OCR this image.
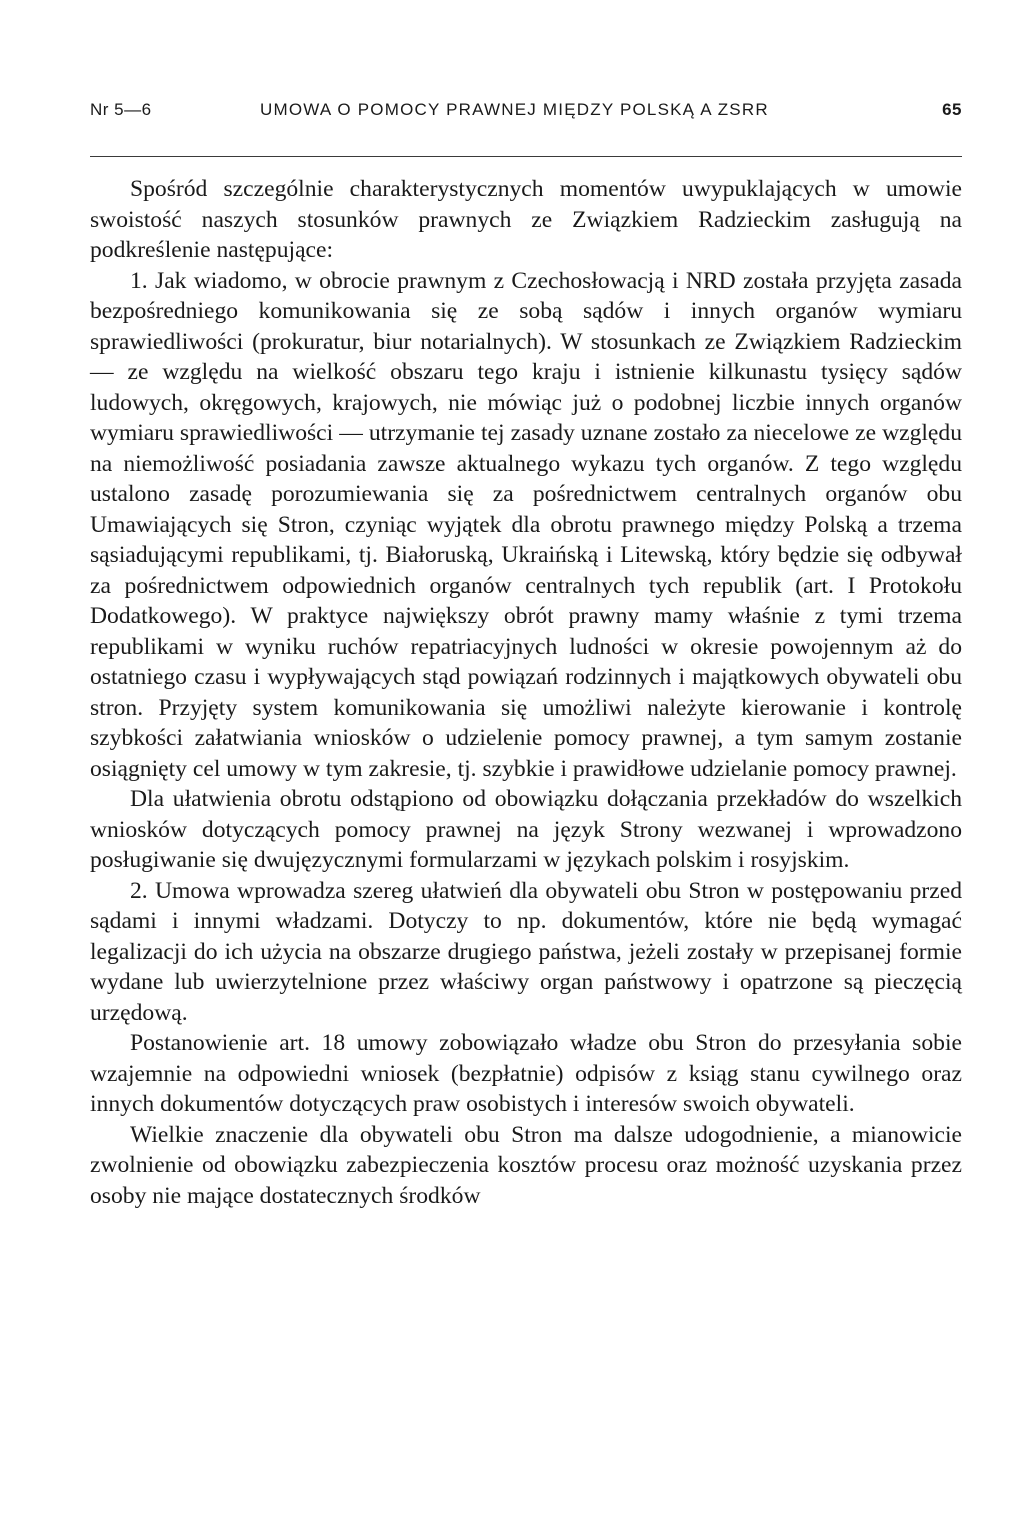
Nr 5—6	UMOWA O POMOCY PRAWNEJ MIĘDZY POLSKĄ A ZSRR	65

Spośród szczególnie charakterystycznych momentów uwypuklających w umowie swoistość naszych stosunków prawnych ze Związkiem Radzieckim zasługują na podkreślenie następujące:

1. Jak wiadomo, w obrocie prawnym z Czechosłowacją i NRD została przyjęta zasada bezpośredniego komunikowania się ze sobą sądów i innych organów wymiaru sprawiedliwości (prokuratur, biur notarialnych). W stosunkach ze Związkiem Radzieckim — ze względu na wielkość obszaru tego kraju i istnienie kilkunastu tysięcy sądów ludowych, okręgowych, krajowych, nie mówiąc już o podobnej liczbie innych organów wymiaru sprawiedliwości — utrzymanie tej zasady uznane zostało za niecelowe ze względu na niemożliwość posiadania zawsze aktualnego wykazu tych organów. Z tego względu ustalono zasadę porozumiewania się za pośrednictwem centralnych organów obu Umawiających się Stron, czyniąc wyjątek dla obrotu prawnego między Polską a trzema sąsiadującymi republikami, tj. Białoruską, Ukraińską i Litewską, który będzie się odbywał za pośrednictwem odpowiednich organów centralnych tych republik (art. I Protokołu Dodatkowego). W praktyce największy obrót prawny mamy właśnie z tymi trzema republikami w wyniku ruchów repatriacyjnych ludności w okresie powojennym aż do ostatniego czasu i wypływających stąd powiązań rodzinnych i majątkowych obywateli obu stron. Przyjęty system komunikowania się umożliwi należyte kierowanie i kontrolę szybkości załatwiania wniosków o udzielenie pomocy prawnej, a tym samym zostanie osiągnięty cel umowy w tym zakresie, tj. szybkie i prawidłowe udzielanie pomocy prawnej.

Dla ułatwienia obrotu odstąpiono od obowiązku dołączania przekładów do wszelkich wniosków dotyczących pomocy prawnej na język Strony wezwanej i wprowadzono posługiwanie się dwujęzycznymi formularzami w językach polskim i rosyjskim.

2. Umowa wprowadza szereg ułatwień dla obywateli obu Stron w postępowaniu przed sądami i innymi władzami. Dotyczy to np. dokumentów, które nie będą wymagać legalizacji do ich użycia na obszarze drugiego państwa, jeżeli zostały w przepisanej formie wydane lub uwierzytelnione przez właściwy organ państwowy i opatrzone są pieczęcią urzędową.

Postanowienie art. 18 umowy zobowiązało władze obu Stron do przesyłania sobie wzajemnie na odpowiedni wniosek (bezpłatnie) odpisów z ksiąg stanu cywilnego oraz innych dokumentów dotyczących praw osobistych i interesów swoich obywateli.

Wielkie znaczenie dla obywateli obu Stron ma dalsze udogodnienie, a mianowicie zwolnienie od obowiązku zabezpieczenia kosztów procesu oraz możność uzyskania przez osoby nie mające dostatecznych środków
